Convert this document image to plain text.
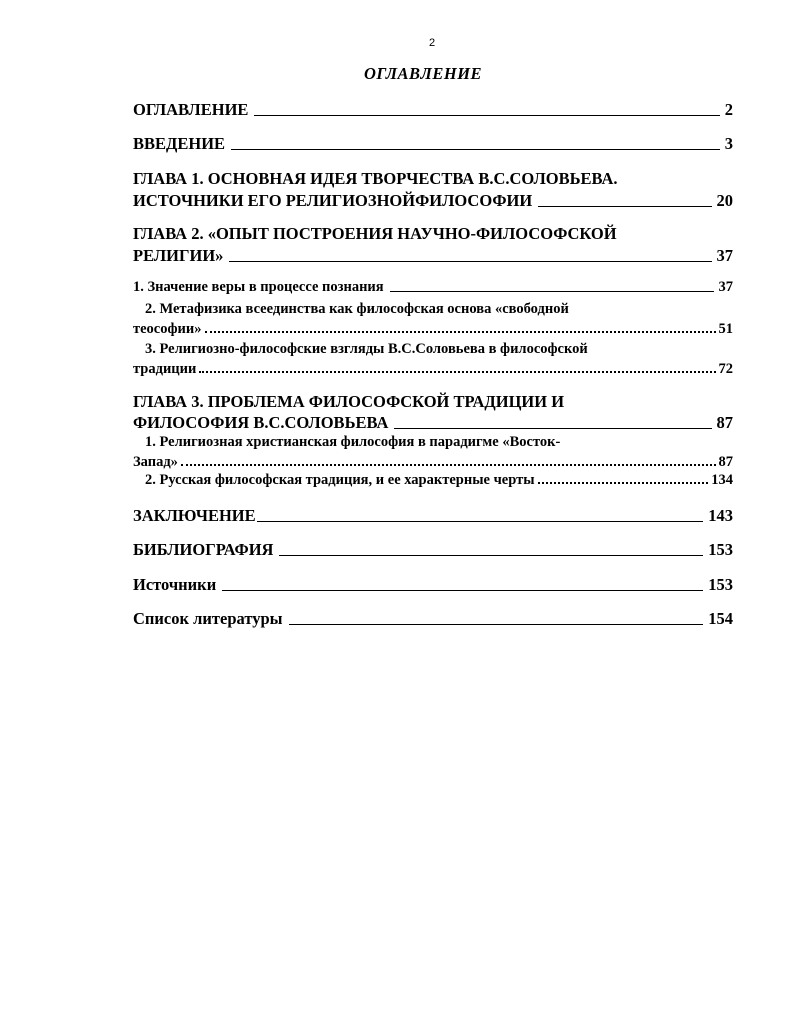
2
ОГЛАВЛЕНИЕ
ОГЛАВЛЕНИЕ	2
ВВЕДЕНИЕ	3
ГЛАВА 1. ОСНОВНАЯ ИДЕЯ ТВОРЧЕСТВА В.С.СОЛОВЬЕВА.
ИСТОЧНИКИ ЕГО РЕЛИГИОЗНОЙФИЛОСОФИИ	20
ГЛАВА 2. «ОПЫТ ПОСТРОЕНИЯ НАУЧНО-ФИЛОСОФСКОЙ
РЕЛИГИИ»	37
1. Значение веры в процессе познания	37
2. Метафизика всеединства как философская основа «свободной
теософии»	51
3. Религиозно-философские взгляды В.С.Соловьева в философской
традиции	72
ГЛАВА 3. ПРОБЛЕМА ФИЛОСОФСКОЙ ТРАДИЦИИ И
ФИЛОСОФИЯ В.С.СОЛОВЬЕВА	87
1. Религиозная христианская философия в парадигме «Восток-
Запад»	87
2. Русская философская традиция, и ее характерные черты	134
ЗАКЛЮЧЕНИЕ	143
БИБЛИОГРАФИЯ	153
Источники	153
Список литературы	154
